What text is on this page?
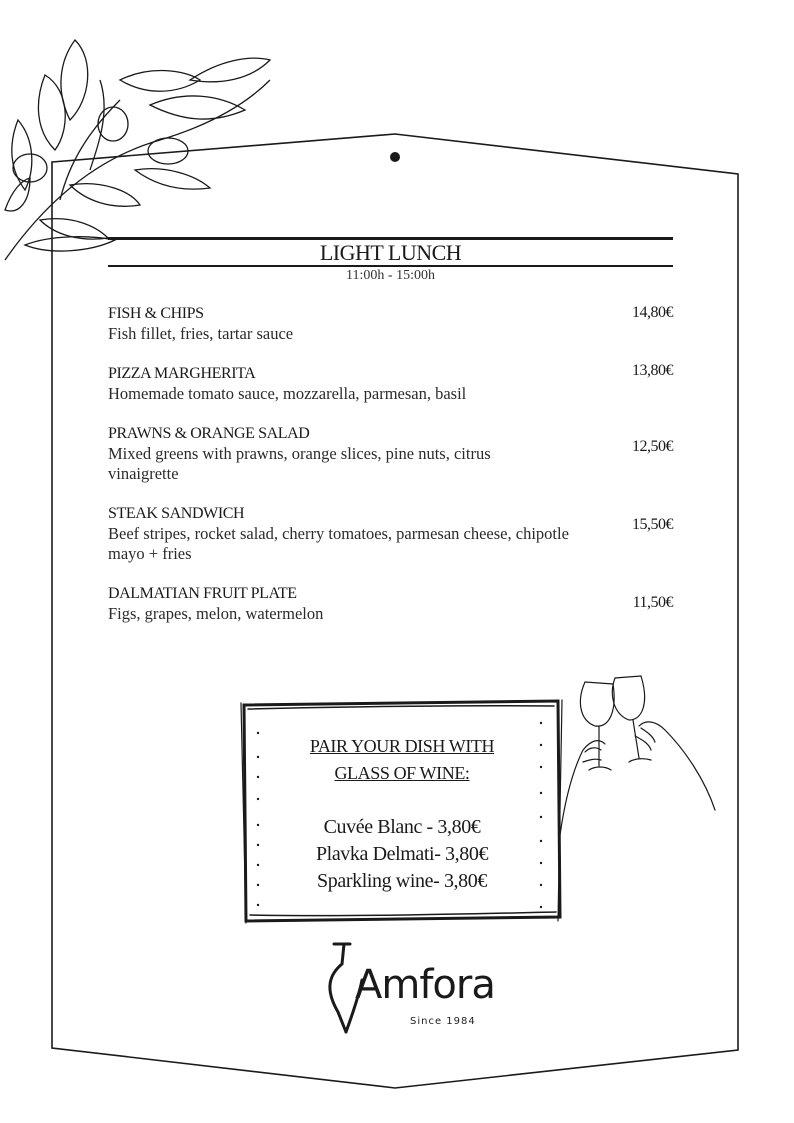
LIGHT LUNCH
11:00h - 15:00h
FISH & CHIPS
Fish fillet, fries, tartar sauce
14,80€
PIZZA MARGHERITA
Homemade tomato sauce, mozzarella, parmesan, basil
13,80€
PRAWNS & ORANGE SALAD
Mixed greens with prawns, orange slices, pine nuts, citrus vinaigrette
12,50€
STEAK SANDWICH
Beef stripes, rocket salad, cherry tomatoes, parmesan cheese, chipotle mayo + fries
15,50€
DALMATIAN FRUIT PLATE
Figs, grapes, melon, watermelon
11,50€
PAIR YOUR DISH WITH
GLASS OF WINE:
Cuvée Blanc - 3,80€
Plavka Delmati- 3,80€
Sparkling wine- 3,80€
Amfora
Since 1984
